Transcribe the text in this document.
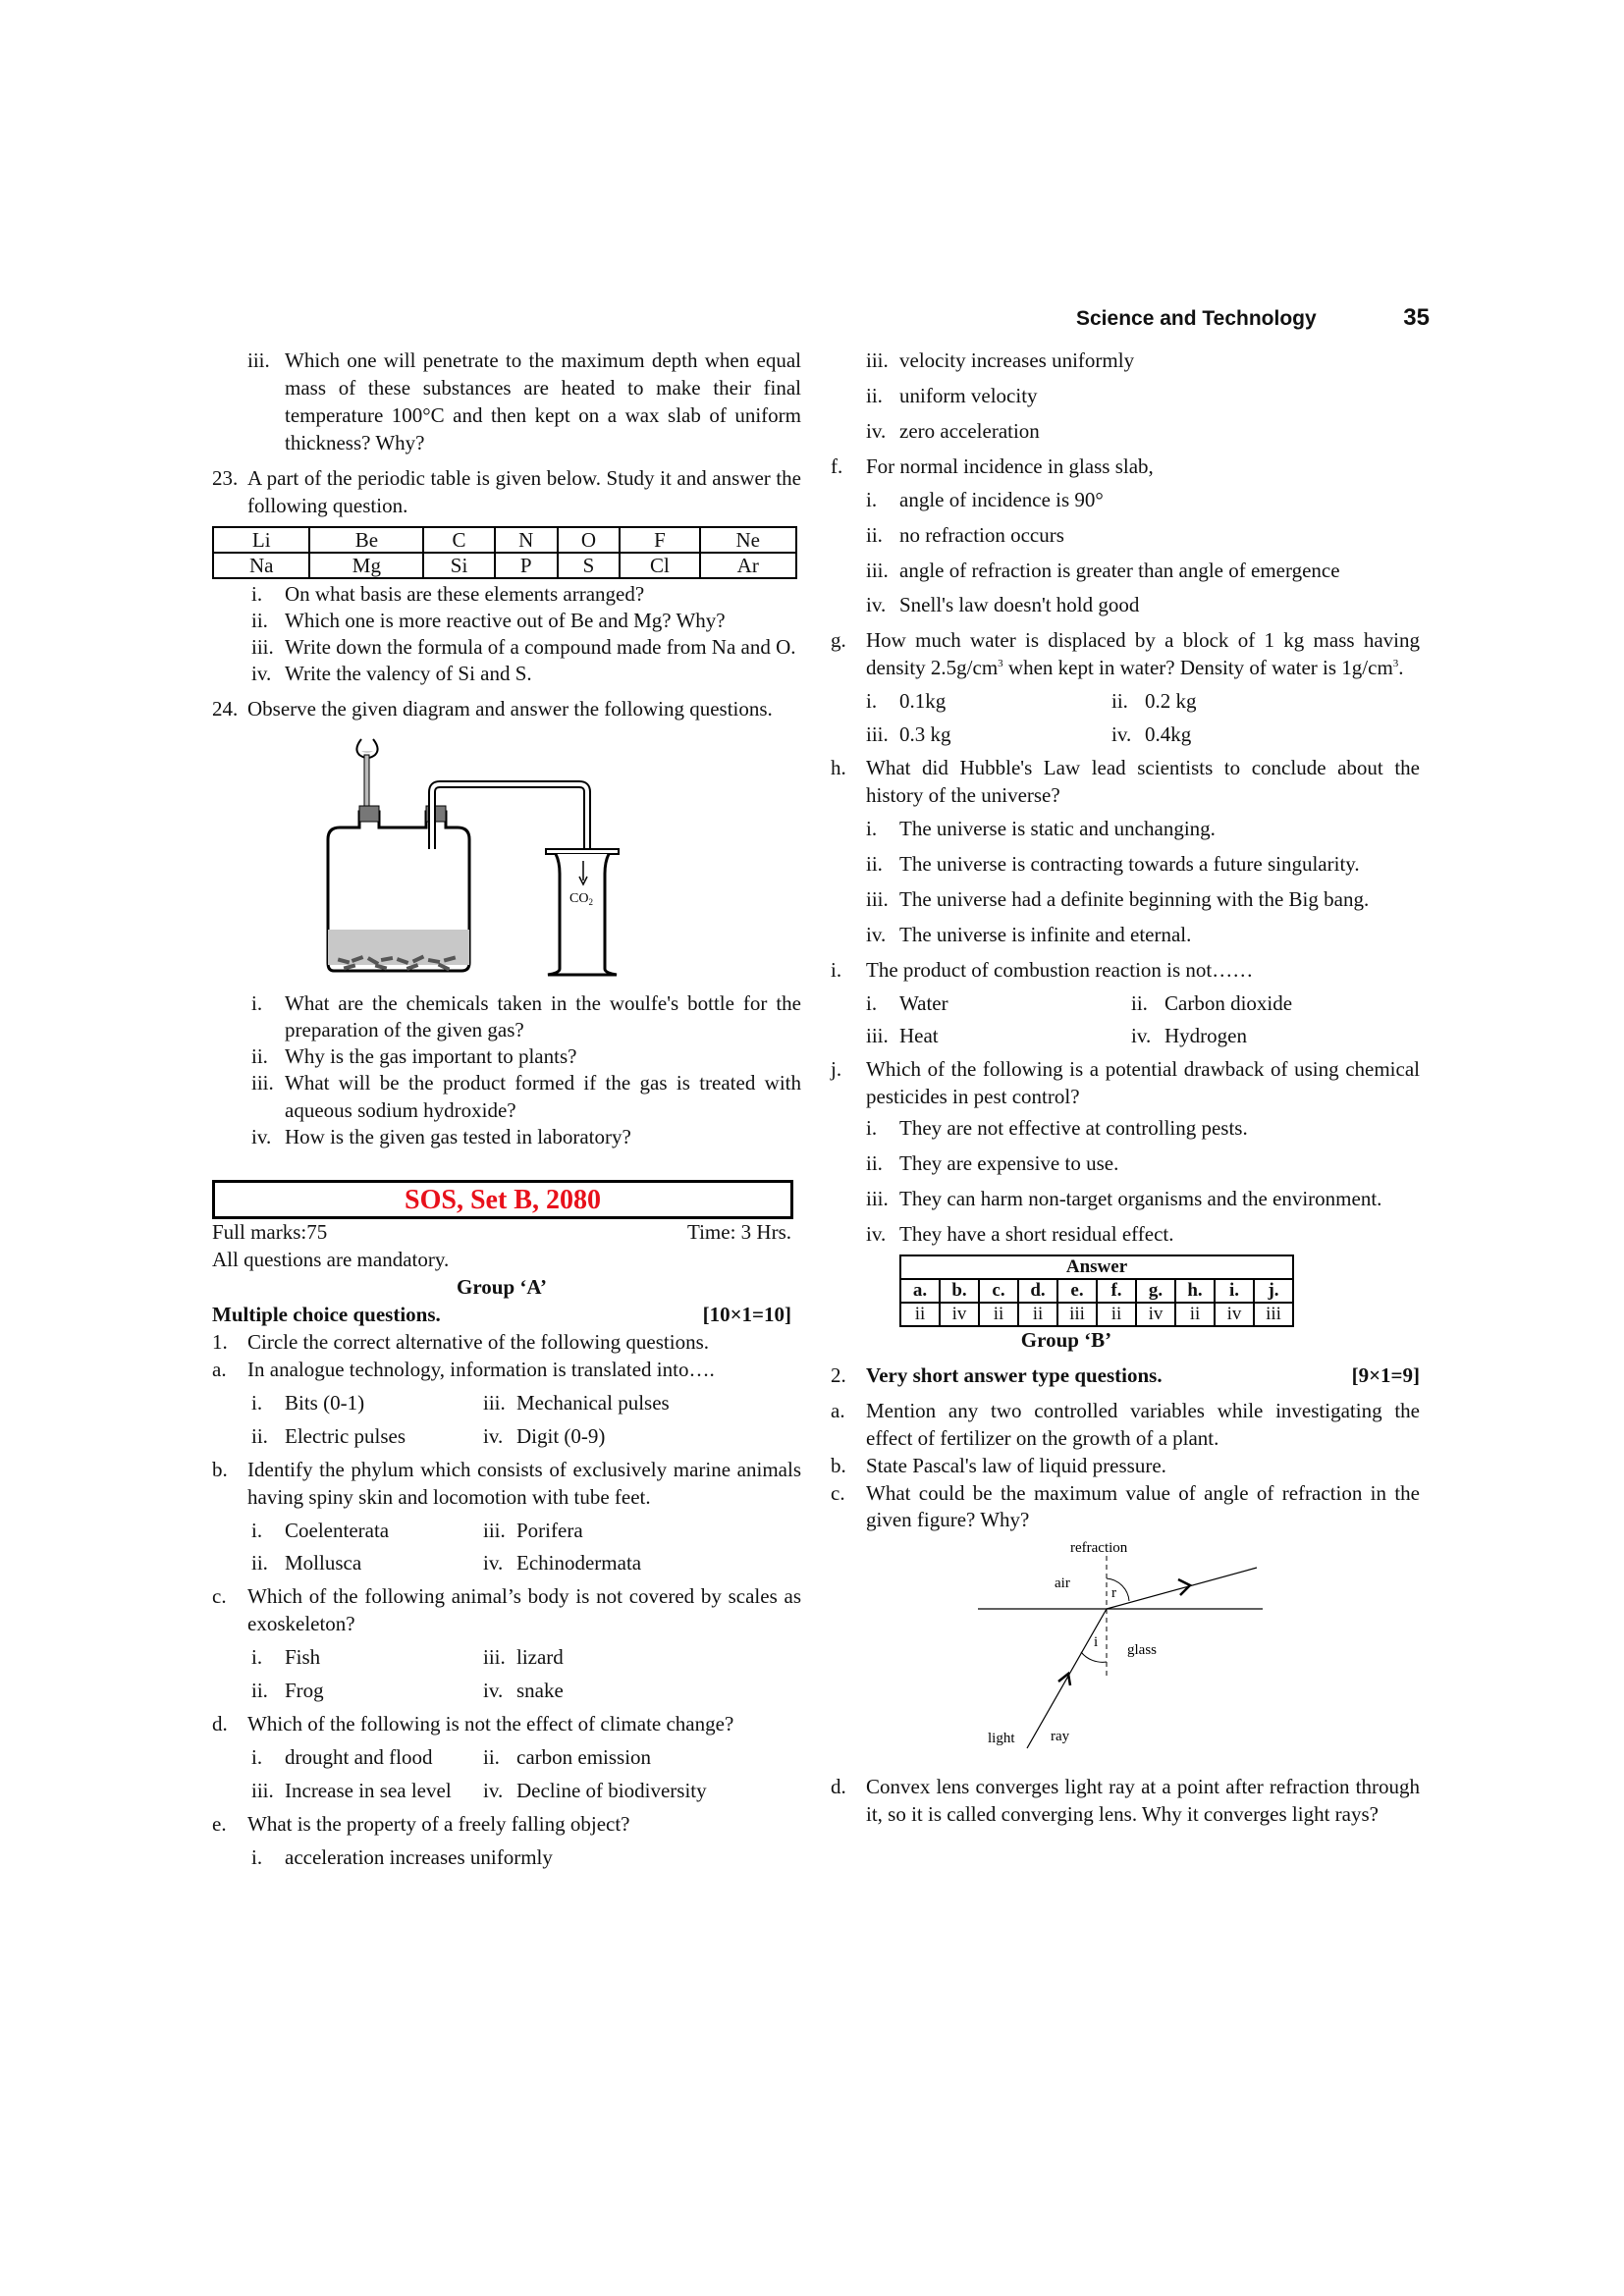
Science and Technology	35
iii. Which one will penetrate to the maximum depth when equal mass of these substances are heated to make their final temperature 100°C and then kept on a wax slab of uniform thickness? Why?
23. A part of the periodic table is given below. Study it and answer the following question.
Li	Be	C	N	O	F	Ne
Na	Mg	Si	P	S	Cl	Ar
i.	On what basis are these elements arranged?
ii. Which one is more reactive out of Be and Mg? Why?
iii. Write down the formula of a compound made from Na and O.
iv. Write the valency of Si and S.
24. Observe the given diagram and answer the following questions.
$CO_2$
i.	What are the chemicals taken in the woulfe's bottle for the preparation of the given gas?
ii. Why is the gas important to plants?
iii. What will be the product formed if the gas is treated with aqueous sodium hydroxide?
iv. How is the given gas tested in laboratory?
SOS, Set B, 2080
Full marks:75	Time: 3 Hrs.
All questions are mandatory.
Group ‘A’
Multiple choice questions.	[10×1=10]
1. Circle the correct alternative of the following questions.
a.	In analogue technology, information is translated into….
i.	Bits (0-1)	iii. Mechanical pulses
ii. Electric pulses	iv. Digit (0-9)
b. Identify the phylum which consists of exclusively marine animals having spiny skin and locomotion with tube feet.
i.	Coelenterata	iii. Porifera
ii. Mollusca	iv. Echinodermata
c.	Which of the following animal’s body is not covered by scales as exoskeleton?
i.	Fish	iii. lizard
ii. Frog	iv. snake
d. Which of the following is not the effect of climate change?
i.	drought and flood ii. carbon emission
iii. Increase in sea level iv. Decline of biodiversity
e.	What is the property of a freely falling object?
i.	acceleration increases uniformly
iii. velocity increases uniformly
ii. uniform velocity
iv. zero acceleration
f.	For normal incidence in glass slab,
i.	angle of incidence is 90°
ii. no refraction occurs
iii. angle of refraction is greater than angle of emergence
iv. Snell's law doesn't hold good
g. How much water is displaced by a block of 1 kg mass having density $2.5g/cm^3$ when kept in water? Density of water is $1g/cm^3$.
i.	0.1kg	ii. 0.2 kg
iii. 0.3 kg	iv. 0.4kg
h. What did Hubble's Law lead scientists to conclude about the history of the universe?
i.	The universe is static and unchanging.
ii. The universe is contracting towards a future singularity.
iii. The universe had a definite beginning with the Big bang.
iv. The universe is infinite and eternal.
i.	The product of combustion reaction is not……
i.	Water	ii. Carbon dioxide
iii. Heat	iv. Hydrogen
j.	Which of the following is a potential drawback of using chemical pesticides in pest control?
i.	They are not effective at controlling pests.
ii. They are expensive to use.
iii. They can harm non-target organisms and the environment.
iv. They have a short residual effect.
Answer									
a.	b.	c.	d.	e.	f.	g.	h.	i.	j.
ii	iv	ii	ii	iii	ii	iv	ii	iv	iii
Group ‘B’
2. Very short answer type questions.	[9×1=9]
a.	Mention any two controlled variables while investigating the effect of fertilizer on the growth of a plant.
b. State Pascal's law of liquid pressure.
c.	What could be the maximum value of angle of refraction in the given figure? Why?
refraction
air
r
i glass
light ray
d. Convex lens converges light ray at a point after refraction through it, so it is called converging lens. Why it converges light rays?
